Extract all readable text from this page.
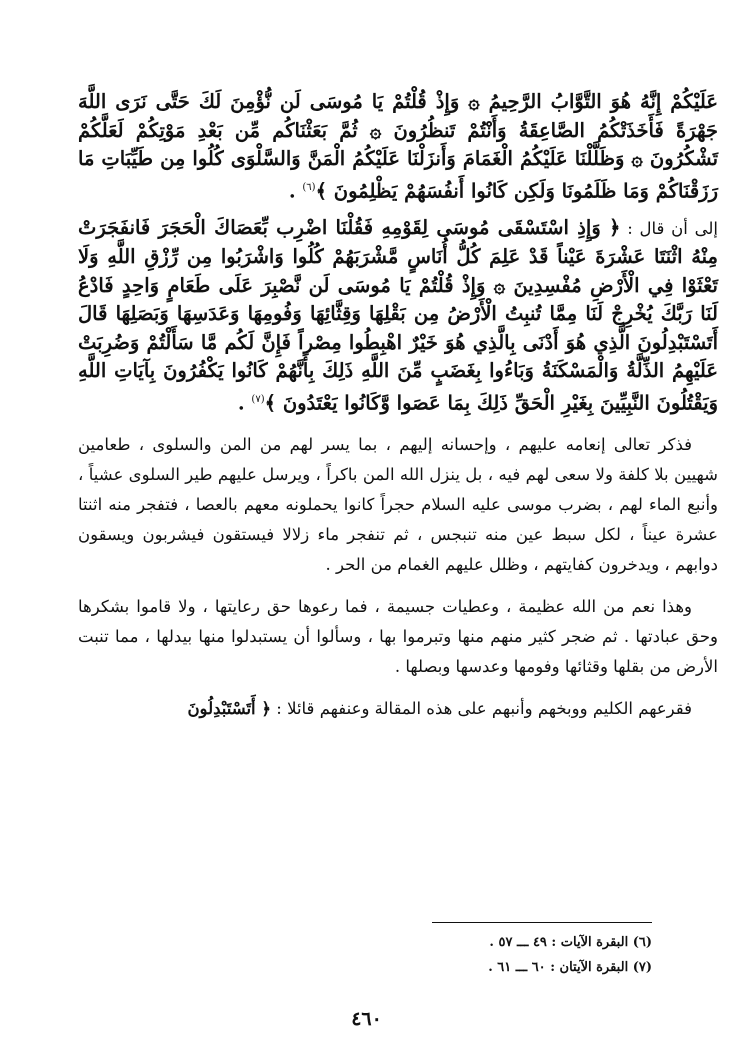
عَلَيْكُمْ إِنَّهُ هُوَ التَّوَّابُ الرَّحِيمُ ۞ وَإِذْ قُلْتُمْ يَا مُوسَى لَن نُّؤْمِنَ لَكَ حَتَّى نَرَى اللَّهَ جَهْرَةً فَأَخَذَتْكُمُ الصَّاعِقَةُ وَأَنْتُمْ تَنظُرُونَ ۞ ثُمَّ بَعَثْنَاكُم مِّن بَعْدِ مَوْتِكُمْ لَعَلَّكُمْ تَشْكُرُونَ ۞ وَظَلَّلْنَا عَلَيْكُمُ الْغَمَامَ وَأَنزَلْنَا عَلَيْكُمُ الْمَنَّ وَالسَّلْوَى كُلُوا مِن طَيِّبَاتِ مَا رَزَقْنَاكُمْ وَمَا ظَلَمُونَا وَلَكِن كَانُوا أَنفُسَهُمْ يَظْلِمُونَ ﴾$^{(٦)}$ .

إلى أن قال : ﴿ وَإِذِ اسْتَسْقَى مُوسَى لِقَوْمِهِ فَقُلْنَا اضْرِب بِّعَصَاكَ الْحَجَرَ فَانفَجَرَتْ مِنْهُ اثْنَتَا عَشْرَةَ عَيْناً قَدْ عَلِمَ كُلُّ أُنَاسٍ مَّشْرَبَهُمْ كُلُوا وَاشْرَبُوا مِن رِّزْقِ اللَّهِ وَلَا تَعْثَوْا فِي الْأَرْضِ مُفْسِدِينَ ۞ وَإِذْ قُلْتُمْ يَا مُوسَى لَن نَّصْبِرَ عَلَى طَعَامٍ وَاحِدٍ فَادْعُ لَنَا رَبَّكَ يُخْرِجْ لَنَا مِمَّا تُنبِتُ الْأَرْضُ مِن بَقْلِهَا وَقِثَّائِهَا وَفُومِهَا وَعَدَسِهَا وَبَصَلِهَا قَالَ أَتَسْتَبْدِلُونَ الَّذِي هُوَ أَدْنَى بِالَّذِي هُوَ خَيْرٌ اهْبِطُوا مِصْراً فَإِنَّ لَكُم مَّا سَأَلْتُمْ وَضُرِبَتْ عَلَيْهِمُ الذِّلَّةُ وَالْمَسْكَنَةُ وَبَاءُوا بِغَضَبٍ مِّنَ اللَّهِ ذَلِكَ بِأَنَّهُمْ كَانُوا يَكْفُرُونَ بِآيَاتِ اللَّهِ وَيَقْتُلُونَ النَّبِيِّينَ بِغَيْرِ الْحَقِّ ذَلِكَ بِمَا عَصَوا وَّكَانُوا يَعْتَدُونَ ﴾$^{(٧)}$ .

فذكر تعالى إنعامه عليهم ، وإحسانه إليهم ، بما يسر لهم من المن والسلوى ، طعامين شهيين بلا كلفة ولا سعى لهم فيه ، بل ينزل الله المن باكراً ، ويرسل عليهم طير السلوى عشياً ، وأنبع الماء لهم ، بضرب موسى عليه السلام حجراً كانوا يحملونه معهم بالعصا ، فتفجر منه اثنتا عشرة عيناً ، لكل سبط عين منه تنبجس ، ثم تنفجر ماء زلالا فيستقون فيشربون ويسقون دوابهم ، ويدخرون كفايتهم ، وظلل عليهم الغمام من الحر .

وهذا نعم من الله عظيمة ، وعطيات جسيمة ، فما رعوها حق رعايتها ، ولا قاموا بشكرها وحق عبادتها . ثم ضجر كثير منهم منها وتبرموا بها ، وسألوا أن يستبدلوا منها بيدلها ، مما تنبت الأرض من بقلها وقثائها وفومها وعدسها وبصلها .

فقرعهم الكليم ووبخهم وأنبهم على هذه المقالة وعنفهم قائلا : ﴿ أَتَسْتَبْدِلُونَ

(٦) البقرة الآيات : ٤٩ ـــ ٥٧ .
(٧) البقرة الآيتان : ٦٠ ـــ ٦١ .
٤٦٠
